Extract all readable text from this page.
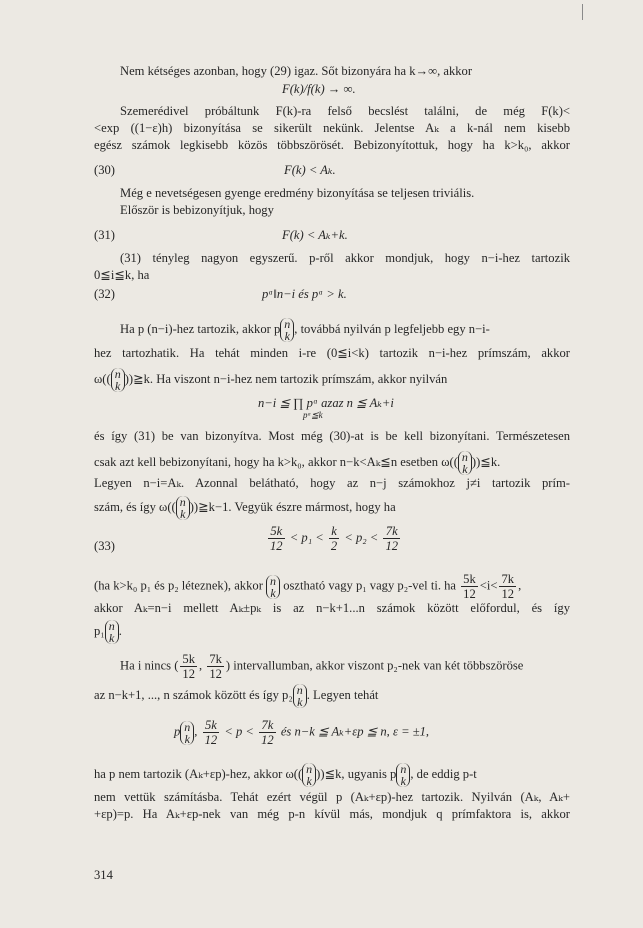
Nem kétséges azonban, hogy (29) igaz. Sőt bizonyára ha k→∞, akkor
F(k)/f(k) → ∞.
Szemerédivel próbáltunk F(k)-ra felső becslést találni, de még F(k)<
<exp ((1−ε)h) bizonyítása se sikerült nekünk. Jelentse Aₖ a k-nál nem kisebb
egész számok legkisebb közös többszörösét. Bebizonyítottuk, hogy ha k>k₀, akkor
(30)	F(k) < Aₖ.
Még e nevetségesen gyenge eredmény bizonyítása se teljesen triviális.
Először is bebizonyítjuk, hogy
(31)	F(k) < Aₖ+k.
(31) tényleg nagyon egyszerű. p-ről akkor mondjuk, hogy n−i-hez tartozik
0≦i≦k, ha
(32)	pᵅ‖n−i és pᵅ > k.
Ha p (n−i)-hez tartozik, akkor p n
k
, továbbá nyilván p legfeljebb egy n−i-
hez tartozhatik. Ha tehát minden i-re (0≦i<k) tartozik n−i-hez prímszám, akkor
ω(( n
k
))≧k. Ha viszont n−i-hez nem tartozik prímszám, akkor nyilván
n−i ≦ ∏ pᵅ azaz n ≦ Aₖ+i
pᵅ≦k
és így (31) be van bizonyítva. Most még (30)-at is be kell bizonyítani. Természetesen
csak azt kell bebizonyítani, hogy ha k>k₀, akkor n−k<Aₖ≦n esetben ω(( n
k
))≦k.
Legyen n−i=Aₖ. Azonnal belátható, hogy az n−j számokhoz j≠i tartozik prím-
szám, és így ω(( n
k
))≧k−1. Vegyük észre mármost, hogy ha
(33)	$\frac{5k}{12} < p_1 < \frac{k}{2} < p_2 < \frac{7k}{12}$
(ha k>k₀ p₁ és p₂ léteznek), akkor n
k
osztható vagy p₁ vagy p₂-vel ti. ha $\frac{5k}{12} <i< \frac{7k}{12}$ ,
akkor Aₖ=n−i mellett Aₖ±pₖ is az n−k+1...n számok között előfordul, és így
p₁ n
k
.
Ha i nincs ( $\frac{5k}{12}$ , $\frac{7k}{12}$ ) intervallumban, akkor viszont p₂-nek van két többszöröse
az n−k+1, ..., n számok között és így p₂ n
k
. Legyen tehát
p n
k
, $\frac{5k}{12} < p < \frac{7k}{12}$ és n−k ≦ Aₖ+εp ≦ n, ε = ±1,
ha p nem tartozik (Aₖ+εp)-hez, akkor ω(( n
k
))≦k, ugyanis p n
k
, de eddig p-t
nem vettük számításba. Tehát ezért végül p (Aₖ+εp)-hez tartozik. Nyilván (Aₖ, Aₖ+
+εp)=p. Ha Aₖ+εp-nek van még p-n kívül más, mondjuk q prímfaktora is, akkor
314
